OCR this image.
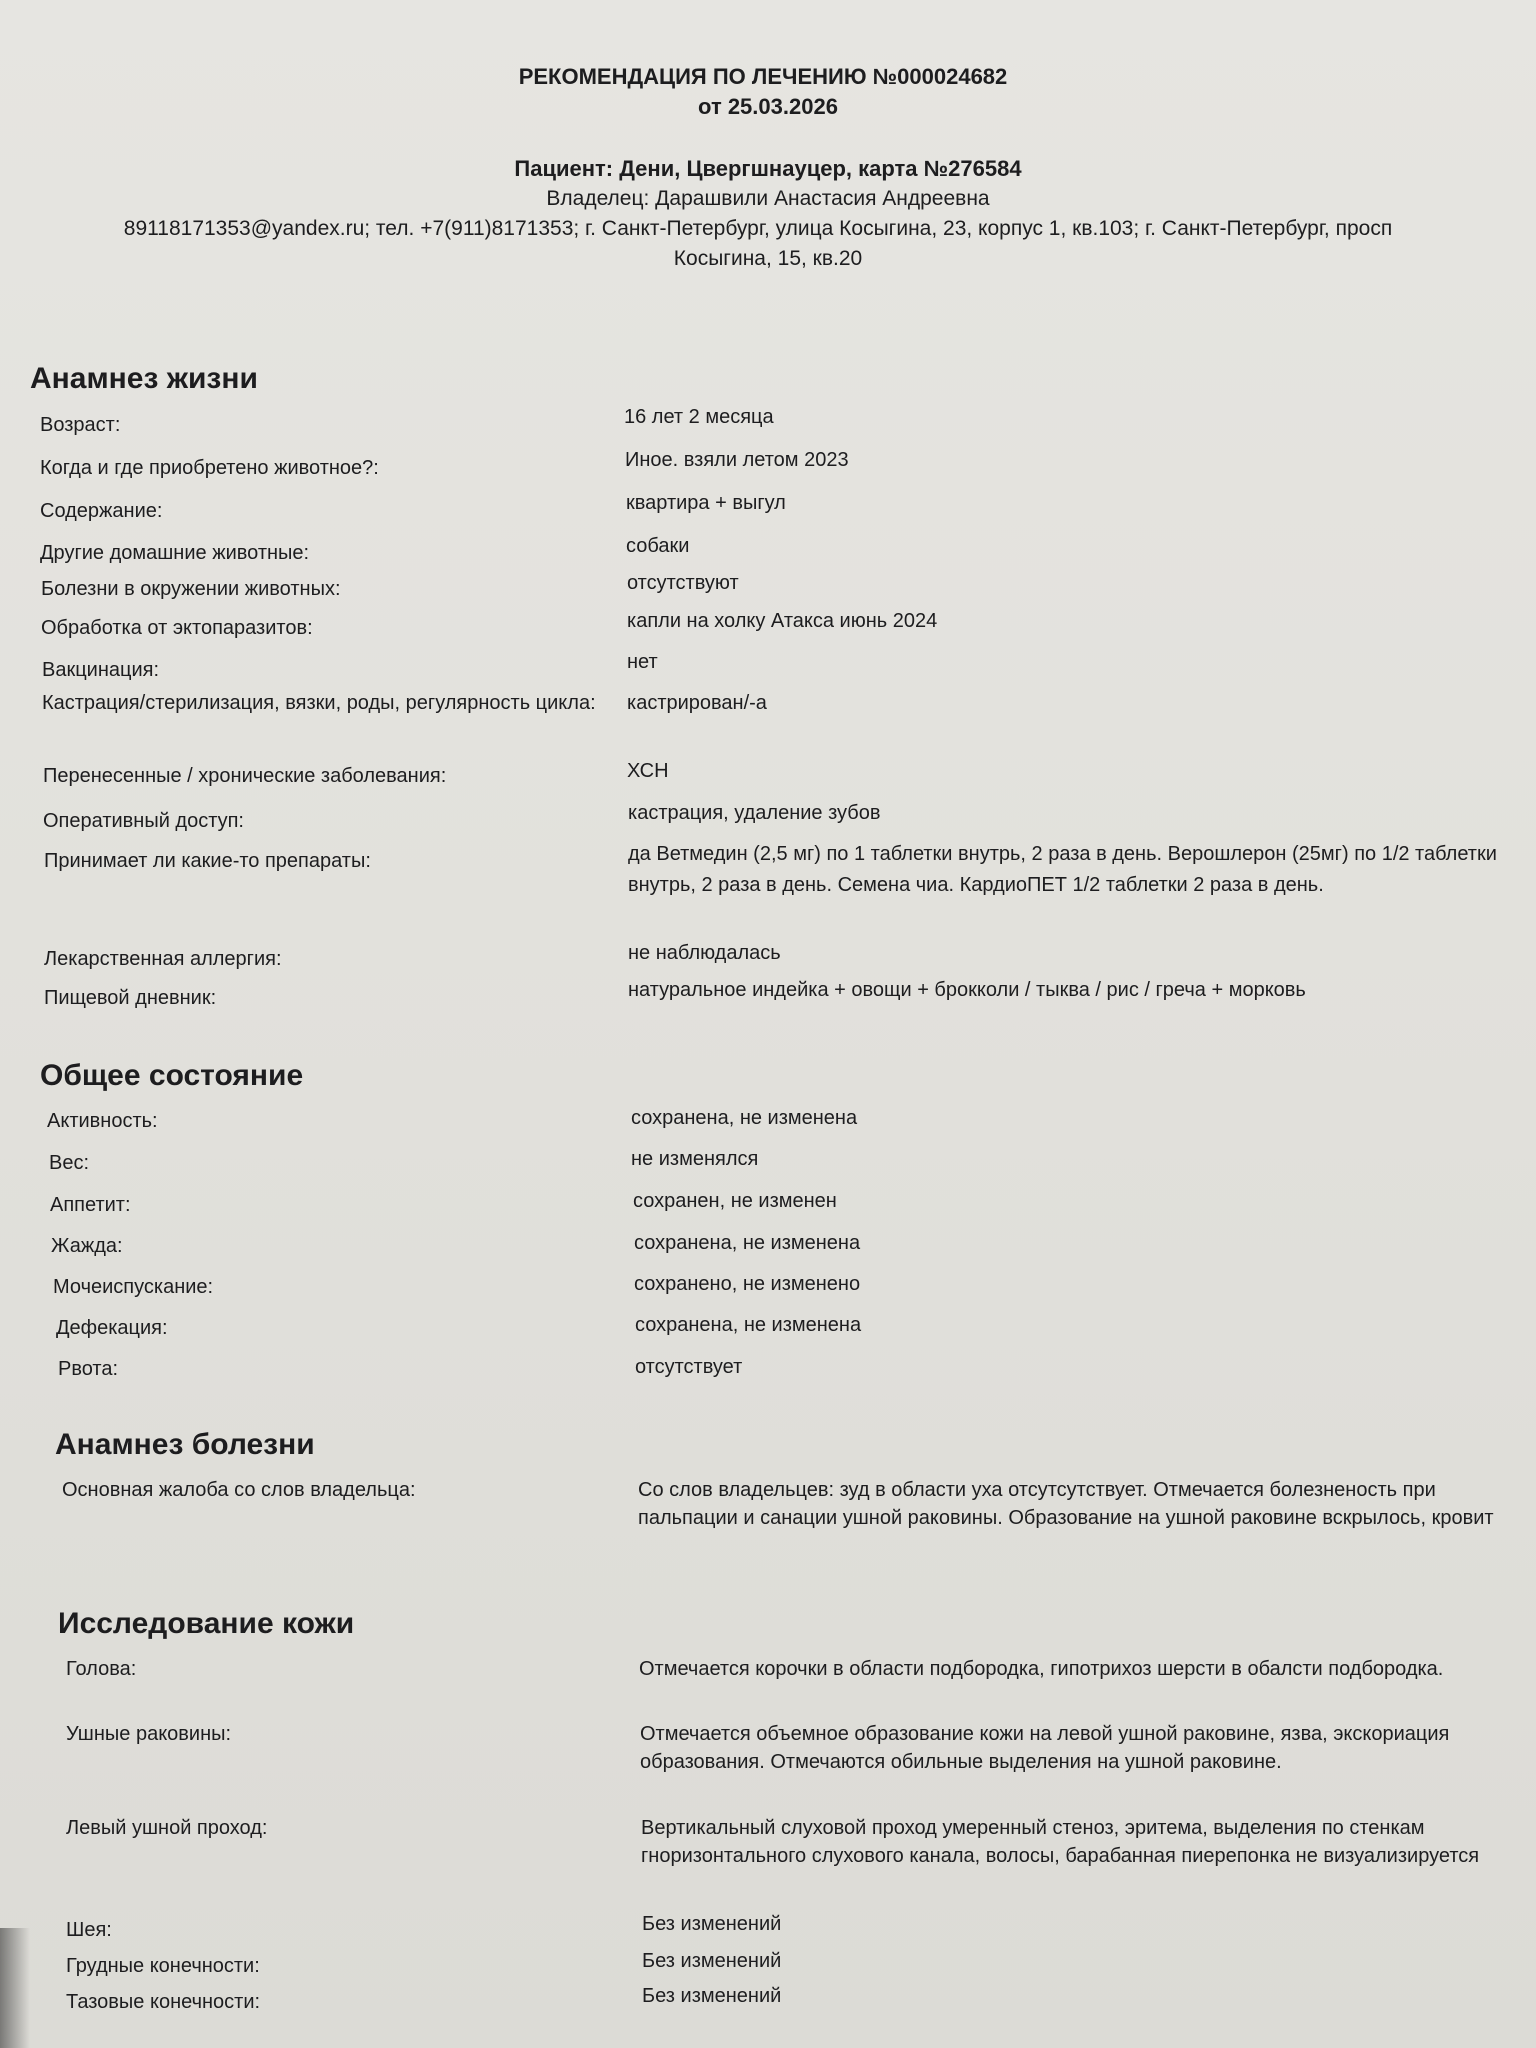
РЕКОМЕНДАЦИЯ ПО ЛЕЧЕНИЮ №000024682
от 25.03.2026
Пациент: Дени, Цвергшнауцер, карта №276584
Владелец: Дарашвили Анастасия Андреевна
89118171353@yandex.ru; тел. +7(911)8171353; г. Санкт-Петербург, улица Косыгина, 23, корпус 1, кв.103; г. Санкт-Петербург, просп
Косыгина, 15, кв.20
Анамнез жизни
Возраст:	16 лет 2 месяца
Когда и где приобретено животное?:	Иное. взяли летом 2023
Содержание:	квартира + выгул
Другие домашние животные:	собаки
Болезни в окружении животных:	отсутствуют
Обработка от эктопаразитов:	капли на холку Атакса июнь 2024
Вакцинация:	нет
Кастрация/стерилизация, вязки, роды, регулярность цикла:	кастрирован/-а
Перенесенные / хронические заболевания:	ХСН
Оперативный доступ:	кастрация, удаление зубов
Принимает ли какие-то препараты:	да Ветмедин (2,5 мг) по 1 таблетки внутрь, 2 раза в день. Верошлерон (25мг) по 1/2 таблетки внутрь, 2 раза в день. Семена чиа. КардиоПЕТ 1/2 таблетки 2 раза в день.
Лекарственная аллергия:	не наблюдалась
Пищевой дневник:	натуральное индейка + овощи + брокколи / тыква / рис / греча + морковь
Общее состояние
Активность:	сохранена, не изменена
Вес:	не изменялся
Аппетит:	сохранен, не изменен
Жажда:	сохранена, не изменена
Мочеиспускание:	сохранено, не изменено
Дефекация:	сохранена, не изменена
Рвота:	отсутствует
Анамнез болезни
Основная жалоба со слов владельца:	Со слов владельцев: зуд в области уха отсутсутствует. Отмечается болезненость при пальпации и санации ушной раковины. Образование на ушной раковине вскрылось, кровит
Исследование кожи
Голова:	Отмечается корочки в области подбородка, гипотрихоз шерсти в обалсти подбородка.
Ушные раковины:	Отмечается объемное образование кожи на левой ушной раковине, язва, экскориация образования. Отмечаются обильные выделения на ушной раковине.
Левый ушной проход:	Вертикальный слуховой проход умеренный стеноз, эритема, выделения по стенкам гноризонтального слухового канала, волосы, барабанная пиерепонка не визуализируется
Шея:	Без изменений
Грудные конечности:	Без изменений
Тазовые конечности:	Без изменений
